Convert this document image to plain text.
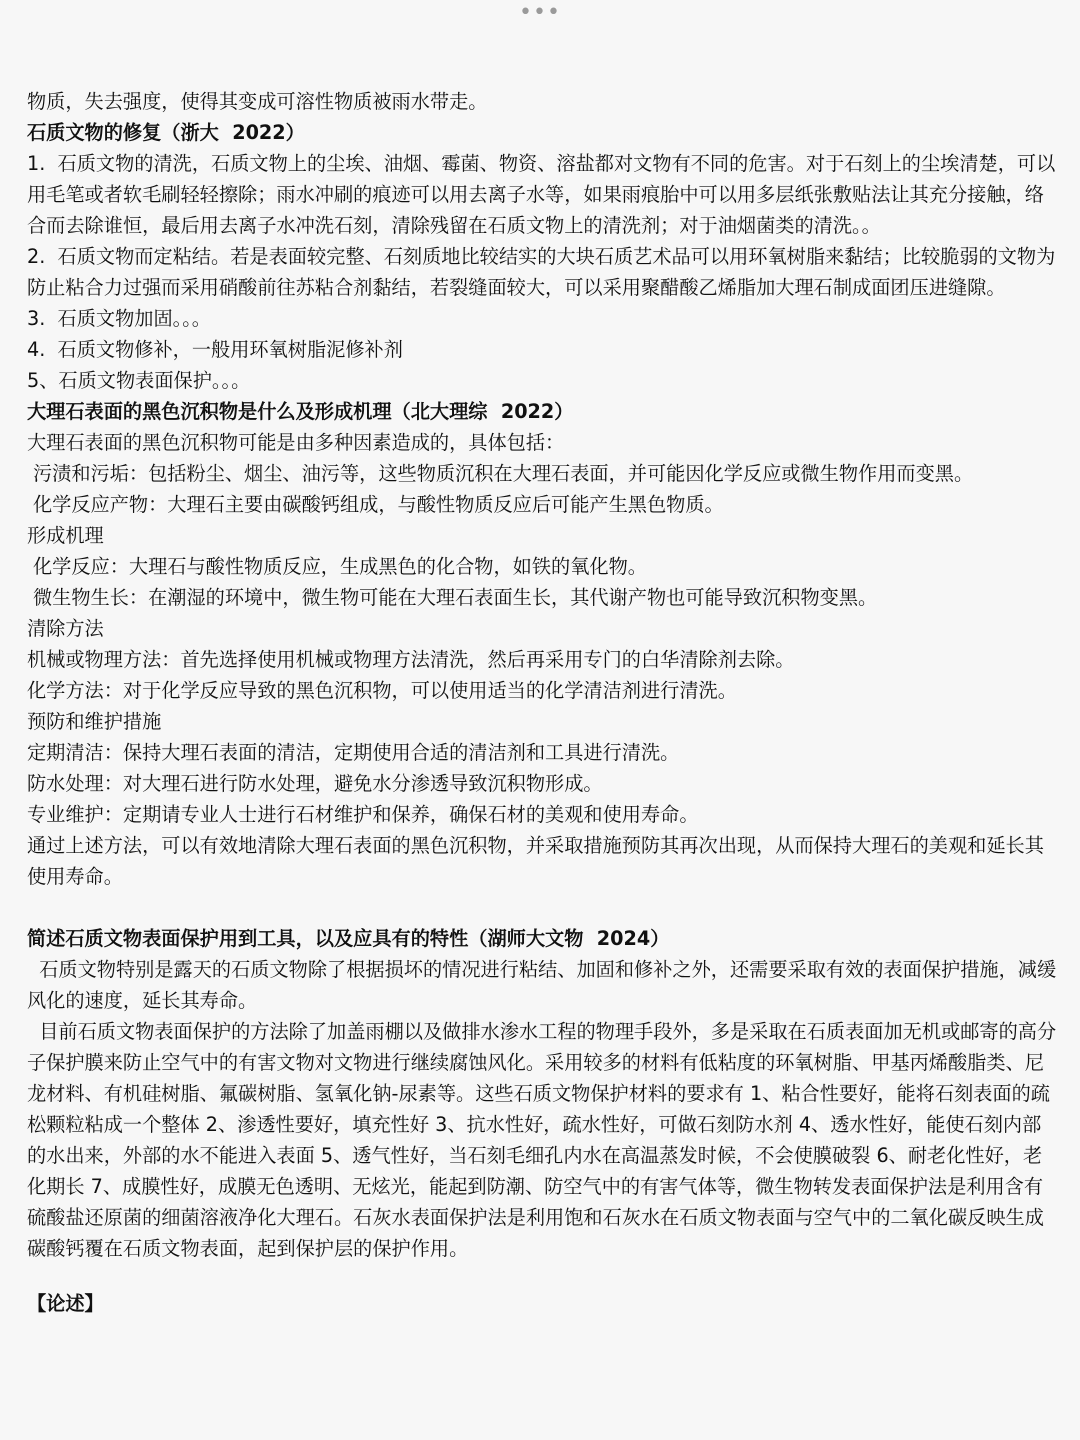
•••

物质，失去强度，使得其变成可溶性物质被雨水带走。

石质文物的修复（浙大  2022）

1.  石质文物的清洗，石质文物上的尘埃、油烟、霉菌、物资、溶盐都对文物有不同的危害。对于石刻上的尘埃清楚，可以用毛笔或者软毛刷轻轻擦除；雨水冲刷的痕迹可以用去离子水等，如果雨痕胎中可以用多层纸张敷贴法让其充分接触，络合而去除谁恒，最后用去离子水冲洗石刻，清除残留在石质文物上的清洗剂；对于油烟菌类的清洗。。

2.  石质文物而定粘结。若是表面较完整、石刻质地比较结实的大块石质艺术品可以用环氧树脂来黏结；比较脆弱的文物为防止粘合力过强而采用硝酸前往苏粘合剂黏结，若裂缝面较大，可以采用聚醋酸乙烯脂加大理石制成面团压进缝隙。

3.  石质文物加固。。。

4.  石质文物修补，一般用环氧树脂泥修补剂

5、石质文物表面保护。。。

大理石表面的黑色沉积物是什么及形成机理（北大理综  2022）

大理石表面的黑色沉积物可能是由多种因素造成的，具体包括：

污渍和污垢：包括粉尘、烟尘、油污等，这些物质沉积在大理石表面，并可能因化学反应或微生物作用而变黑。

化学反应产物：大理石主要由碳酸钙组成，与酸性物质反应后可能产生黑色物质。

形成机理

化学反应：大理石与酸性物质反应，生成黑色的化合物，如铁的氧化物。

微生物生长：在潮湿的环境中，微生物可能在大理石表面生长，其代谢产物也可能导致沉积物变黑。

清除方法

机械或物理方法：首先选择使用机械或物理方法清洗，然后再采用专门的白华清除剂去除。

化学方法：对于化学反应导致的黑色沉积物，可以使用适当的化学清洁剂进行清洗。

预防和维护措施

定期清洁：保持大理石表面的清洁，定期使用合适的清洁剂和工具进行清洗。

防水处理：对大理石进行防水处理，避免水分渗透导致沉积物形成。

专业维护：定期请专业人士进行石材维护和保养，确保石材的美观和使用寿命。

通过上述方法，可以有效地清除大理石表面的黑色沉积物，并采取措施预防其再次出现，从而保持大理石的美观和延长其使用寿命。

简述石质文物表面保护用到工具，以及应具有的特性（湖师大文物  2024）

石质文物特别是露天的石质文物除了根据损坏的情况进行粘结、加固和修补之外，还需要采取有效的表面保护措施，减缓风化的速度，延长其寿命。

目前石质文物表面保护的方法除了加盖雨棚以及做排水渗水工程的物理手段外，多是采取在石质表面加无机或邮寄的高分子保护膜来防止空气中的有害文物对文物进行继续腐蚀风化。采用较多的材料有低粘度的环氧树脂、甲基丙烯酸脂类、尼龙材料、有机硅树脂、氟碳树脂、氢氧化钠-尿素等。这些石质文物保护材料的要求有 1、粘合性要好，能将石刻表面的疏松颗粒粘成一个整体 2、渗透性要好，填充性好 3、抗水性好，疏水性好，可做石刻防水剂 4、透水性好，能使石刻内部的水出来，外部的水不能进入表面 5、透气性好，当石刻毛细孔内水在高温蒸发时候，不会使膜破裂 6、耐老化性好，老化期长 7、成膜性好，成膜无色透明、无炫光，能起到防潮、防空气中的有害气体等，微生物转发表面保护法是利用含有硫酸盐还原菌的细菌溶液净化大理石。石灰水表面保护法是利用饱和石灰水在石质文物表面与空气中的二氧化碳反映生成碳酸钙覆在石质文物表面，起到保护层的保护作用。

【论述】
